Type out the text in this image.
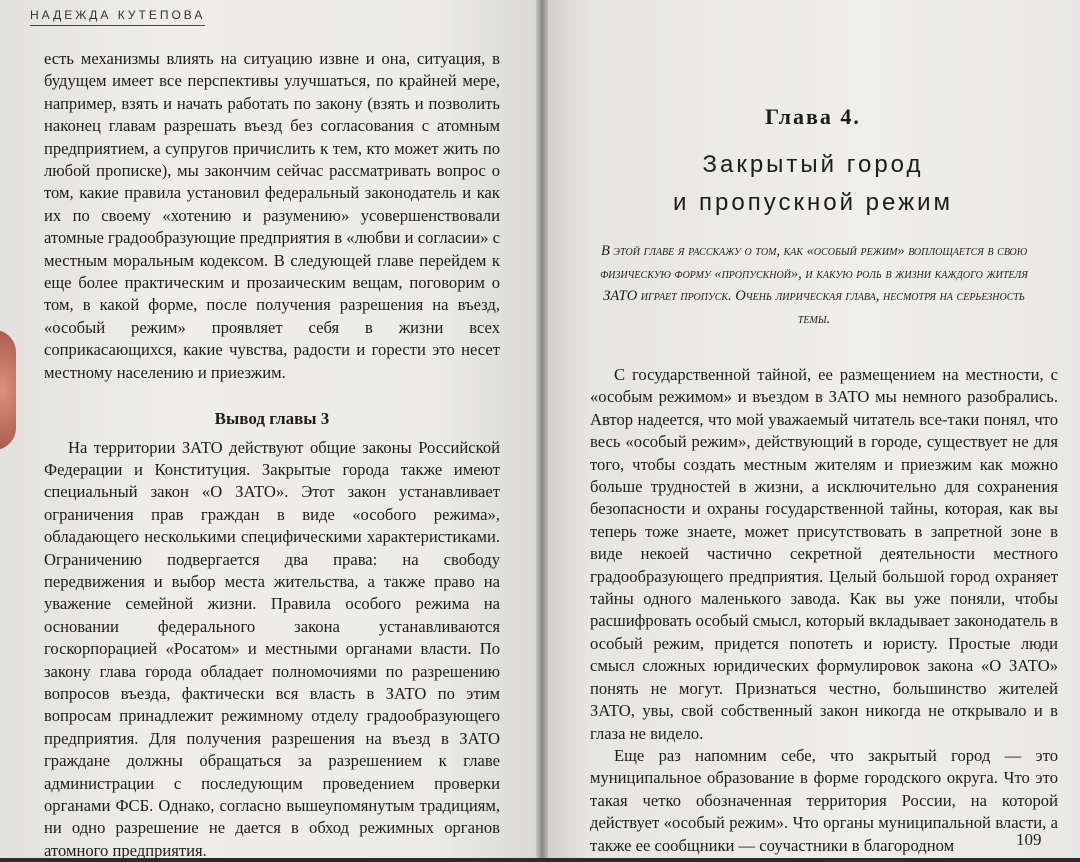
НАДЕЖДА КУТЕПОВА

есть механизмы влиять на ситуацию извне и она, ситуация, в будущем имеет все перспективы улучшаться, по крайней мере, например, взять и начать работать по закону (взять и позволить наконец главам разрешать въезд без согласования с атомным предприятием, а супругов причислить к тем, кто может жить по любой прописке), мы закончим сейчас рассматривать вопрос о том, какие правила установил федеральный законодатель и как их по своему «хотению и разумению» усовершенствовали атомные градообразующие предприятия в «любви и согласии» с местным моральным кодексом. В следующей главе перейдем к еще более практическим и прозаическим вещам, поговорим о том, в какой форме, после получения разрешения на въезд, «особый режим» проявляет себя в жизни всех соприкасающихся, какие чувства, радости и горести это несет местному населению и приезжим.

Вывод главы 3

На территории ЗАТО действуют общие законы Российской Федерации и Конституция. Закрытые города также имеют специальный закон «О ЗАТО». Этот закон устанавливает ограничения прав граждан в виде «особого режима», обладающего несколькими специфическими характеристиками. Ограничению подвергается два права: на свободу передвижения и выбор места жительства, а также право на уважение семейной жизни. Правила особого режима на основании федерального закона устанавливаются госкорпорацией «Росатом» и местными органами власти. По закону глава города обладает полномочиями по разрешению вопросов въезда, фактически вся власть в ЗАТО по этим вопросам принадлежит режимному отделу градообразующего предприятия. Для получения разрешения на въезд в ЗАТО граждане должны обращаться за разрешением к главе администрации с последующим проведением проверки органами ФСБ. Однако, согласно вышеупомянутым традициям, ни одно разрешение не дается в обход режимных органов атомного предприятия.

Глава 4.
Закрытый город
и пропускной режим
В этой главе я расскажу о том, как «особый режим» воплощается в свою физическую форму «пропускной», и какую роль в жизни каждого жителя ЗАТО играет пропуск. Очень лирическая глава, несмотря на серьезность темы.

С государственной тайной, ее размещением на местности, с «особым режимом» и въездом в ЗАТО мы немного разобрались. Автор надеется, что мой уважаемый читатель все-таки понял, что весь «особый режим», действующий в городе, существует не для того, чтобы создать местным жителям и приезжим как можно больше трудностей в жизни, а исключительно для сохранения безопасности и охраны государственной тайны, которая, как вы теперь тоже знаете, может присутствовать в запретной зоне в виде некоей частично секретной деятельности местного градообразующего предприятия. Целый большой город охраняет тайны одного маленького завода. Как вы уже поняли, чтобы расшифровать особый смысл, который вкладывает законодатель в особый режим, придется попотеть и юристу. Простые люди смысл сложных юридических формулировок закона «О ЗАТО» понять не могут. Признаться честно, большинство жителей ЗАТО, увы, свой собственный закон никогда не открывало и в глаза не видело.

Еще раз напомним себе, что закрытый город — это муниципальное образование в форме городского округа. Что это такая четко обозначенная территория России, на которой действует «особый режим». Что органы муниципальной власти, а также ее сообщники — соучастники в благородном	109
